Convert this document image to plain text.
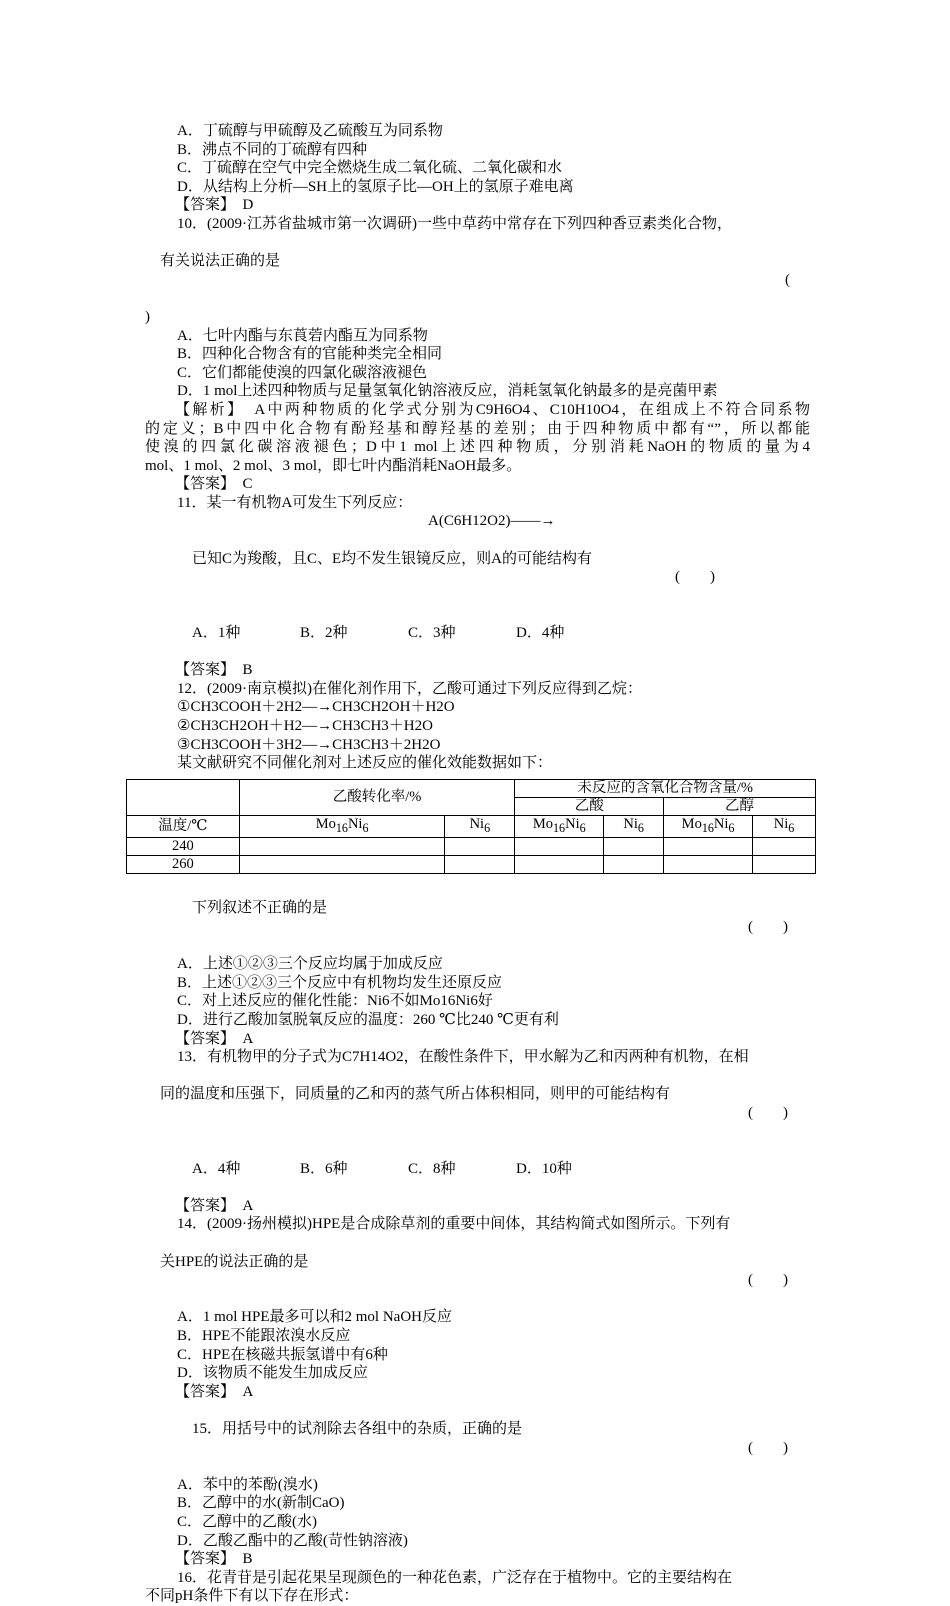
A．丁硫醇与甲硫醇及乙硫酸互为同系物
B．沸点不同的丁硫醇有四种
C．丁硫醇在空气中完全燃烧生成二氧化硫、二氧化碳和水
D．从结构上分析—SH上的氢原子比—OH上的氢原子难电离
【答案】　D
10．(2009·江苏省盐城市第一次调研)一些中草药中常存在下列四种香豆素类化合物，

有关说法正确的是

(

)
A．七叶内酯与东莨菪内酯互为同系物
B．四种化合物含有的官能种类完全相同
C．它们都能使溴的四氯化碳溶液褪色
D．1 mol上述四种物质与足量氢氧化钠溶液反应，消耗氢氧化钠最多的是亮菌甲素
【解析】　A中两种物质的化学式分别为C9H6O4、C10H10O4，在组成上不符合同系物
的定义；B中四中化合物有酚羟基和醇羟基的差别；由于四种物质中都有“”，所以都能
使溴的四氯化碳溶液褪色；D中1 mol上述四种物质，分别消耗NaOH的物质的量为4
mol、1 mol、2 mol、3 mol，即七叶内酯消耗NaOH最多。
【答案】　C
11．某一有机物A可发生下列反应：
A(C6H12O2)——→

已知C为羧酸，且C、E均不发生银镜反应，则A的可能结构有

(　　)

A．1种	B．2种	C．3种	D．4种

【答案】　B
12．(2009·南京模拟)在催化剂作用下，乙酸可通过下列反应得到乙烷：
①CH3COOH＋2H2—→CH3CH2OH＋H2O
②CH3CH2OH＋H2—→CH3CH3＋H2O
③CH3COOH＋3H2—→CH3CH3＋2H2O
某文献研究不同催化剂对上述反应的催化效能数据如下：
	乙酸转化率/%		未反应的含氧化合物含量/%			
			乙酸		乙醇	
温度/℃	$Mo_{16}Ni_6$	$Ni_6$	$Mo_{16}Ni_6$	$Ni_6$	$Mo_{16}Ni_6$	$Ni_6$
240						
260						

下列叙述不正确的是

(　　)

A．上述①②③三个反应均属于加成反应
B．上述①②③三个反应中有机物均发生还原反应
C．对上述反应的催化性能：Ni6不如Mo16Ni6好
D．进行乙酸加氢脱氧反应的温度：260 ℃比240 ℃更有利
【答案】　A
13．有机物甲的分子式为C7H14O2，在酸性条件下，甲水解为乙和丙两种有机物，在相

同的温度和压强下，同质量的乙和丙的蒸气所占体积相同，则甲的可能结构有

(　　)

A．4种	B．6种	C．8种	D．10种

【答案】　A
14．(2009·扬州模拟)HPE是合成除草剂的重要中间体，其结构简式如图所示。下列有

关HPE的说法正确的是

(　　)

A．1 mol HPE最多可以和2 mol NaOH反应
B．HPE不能跟浓溴水反应
C．HPE在核磁共振氢谱中有6种
D．该物质不能发生加成反应
【答案】　A

15．用括号中的试剂除去各组中的杂质，正确的是

(　　)

A．苯中的苯酚(溴水)
B．乙醇中的水(新制CaO)
C．乙醇中的乙酸(水)
D．乙酸乙酯中的乙酸(苛性钠溶液)
【答案】　B
16．花青苷是引起花果呈现颜色的一种花色素，广泛存在于植物中。它的主要结构在
不同pH条件下有以下存在形式：
